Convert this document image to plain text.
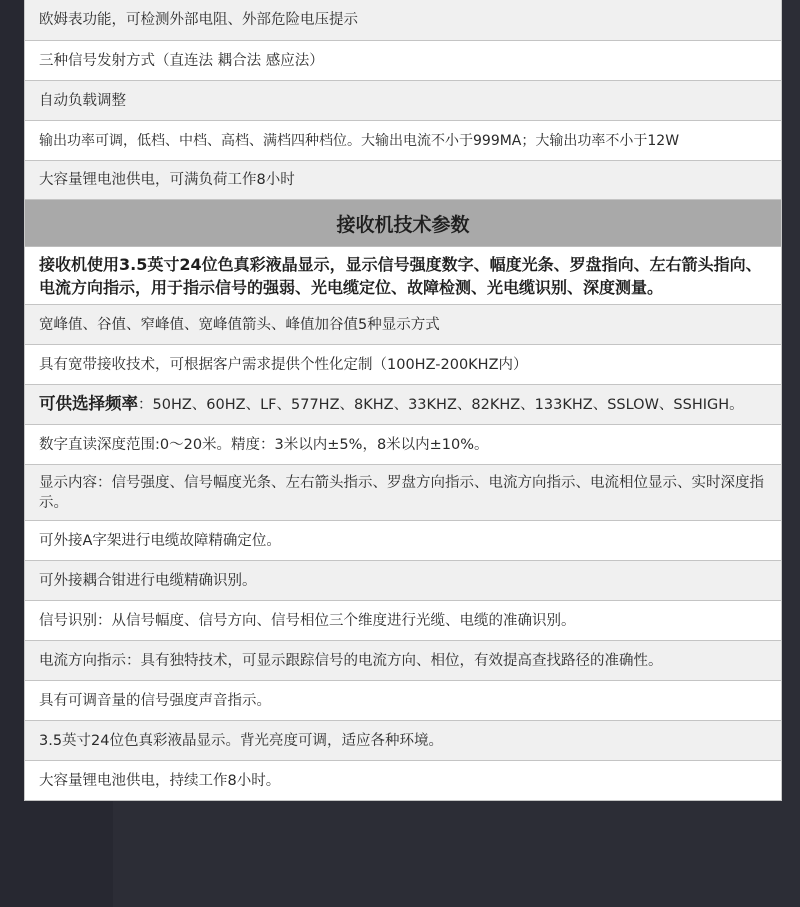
欧姆表功能，可检测外部电阻、外部危险电压提示
三种信号发射方式（直连法 耦合法 感应法）
自动负载调整
输出功率可调，低档、中档、高档、满档四种档位。大输出电流不小于999MA；大输出功率不小于12W
大容量锂电池供电，可满负荷工作8小时
接收机技术参数
接收机使用3.5英寸24位色真彩液晶显示，显示信号强度数字、幅度光条、罗盘指向、左右箭头指向、电流方向指示，用于指示信号的强弱、光电缆定位、故障检测、光电缆识别、深度测量。
宽峰值、谷值、窄峰值、宽峰值箭头、峰值加谷值5种显示方式
具有宽带接收技术，可根据客户需求提供个性化定制（100HZ-200KHZ内）
可供选择频率：50HZ、60HZ、LF、577HZ、8KHZ、33KHZ、82KHZ、133KHZ、SSLOW、SSHIGH。
数字直读深度范围:0～20米。精度：3米以内±5%，8米以内±10%。
显示内容：信号强度、信号幅度光条、左右箭头指示、罗盘方向指示、电流方向指示、电流相位显示、实时深度指示。
可外接A字架进行电缆故障精确定位。
可外接耦合钳进行电缆精确识别。
信号识别：从信号幅度、信号方向、信号相位三个维度进行光缆、电缆的准确识别。
电流方向指示：具有独特技术，可显示跟踪信号的电流方向、相位，有效提高查找路径的准确性。
具有可调音量的信号强度声音指示。
3.5英寸24位色真彩液晶显示。背光亮度可调，适应各种环境。
大容量锂电池供电，持续工作8小时。
